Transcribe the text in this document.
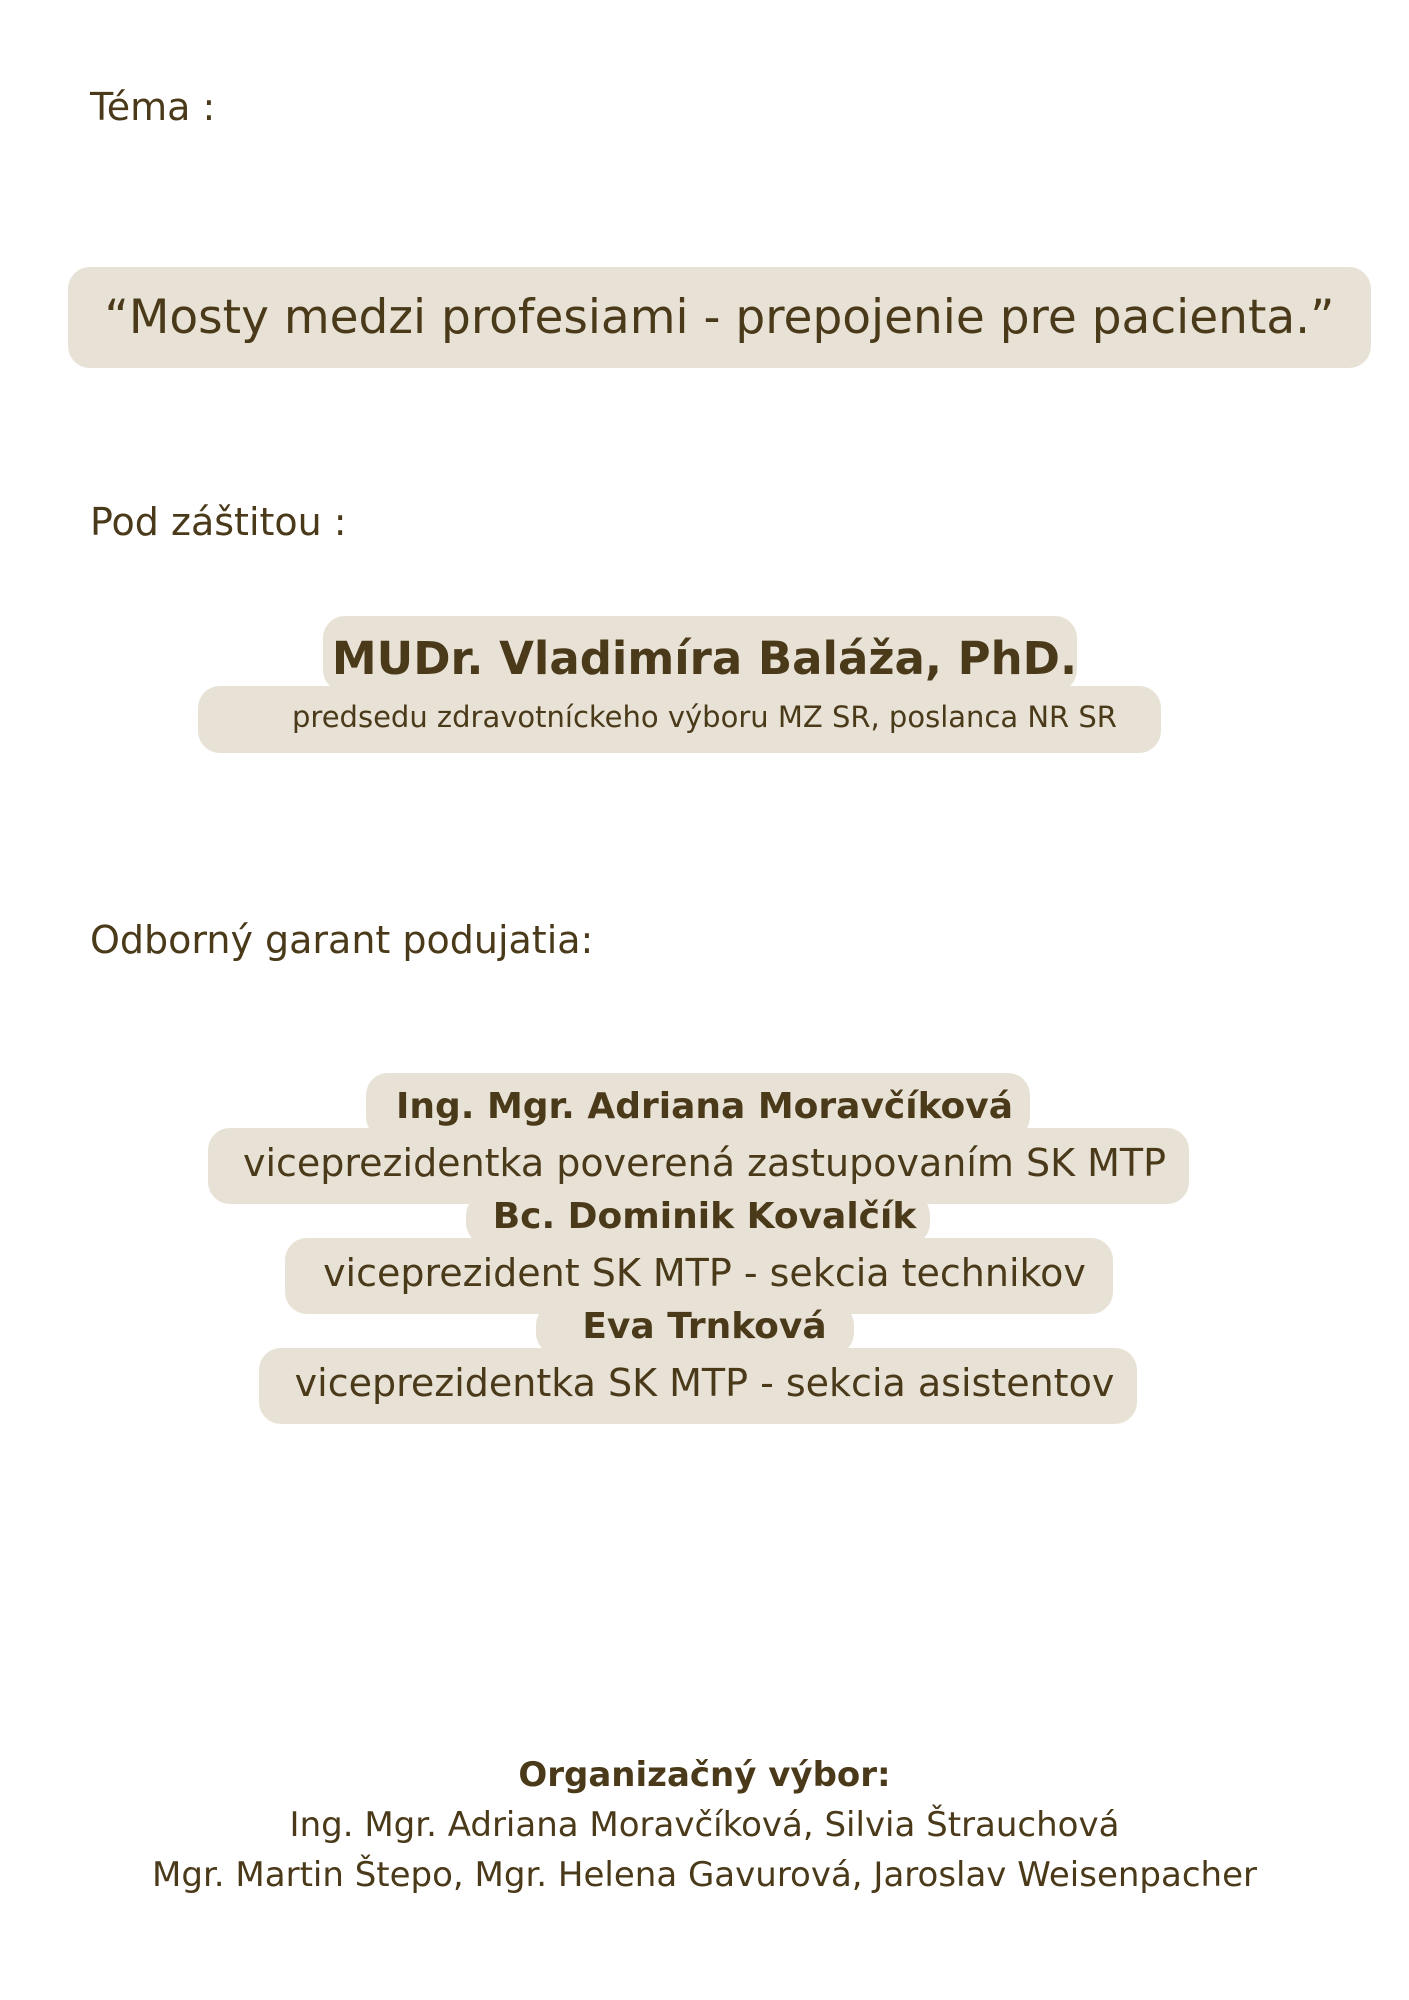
Téma :
“Mosty medzi profesiami - prepojenie pre pacienta.”
Pod záštitou :
MUDr. Vladimíra Baláža, PhD.
predsedu zdravotníckeho výboru MZ SR, poslanca NR SR
Odborný garant podujatia:
Ing. Mgr. Adriana Moravčíková
viceprezidentka poverená zastupovaním SK MTP
Bc. Dominik Kovalčík
viceprezident SK MTP - sekcia technikov
Eva Trnková
viceprezidentka SK MTP - sekcia asistentov
Organizačný výbor:
Ing. Mgr. Adriana Moravčíková, Silvia Štrauchová
Mgr. Martin Štepo, Mgr. Helena Gavurová, Jaroslav Weisenpacher
